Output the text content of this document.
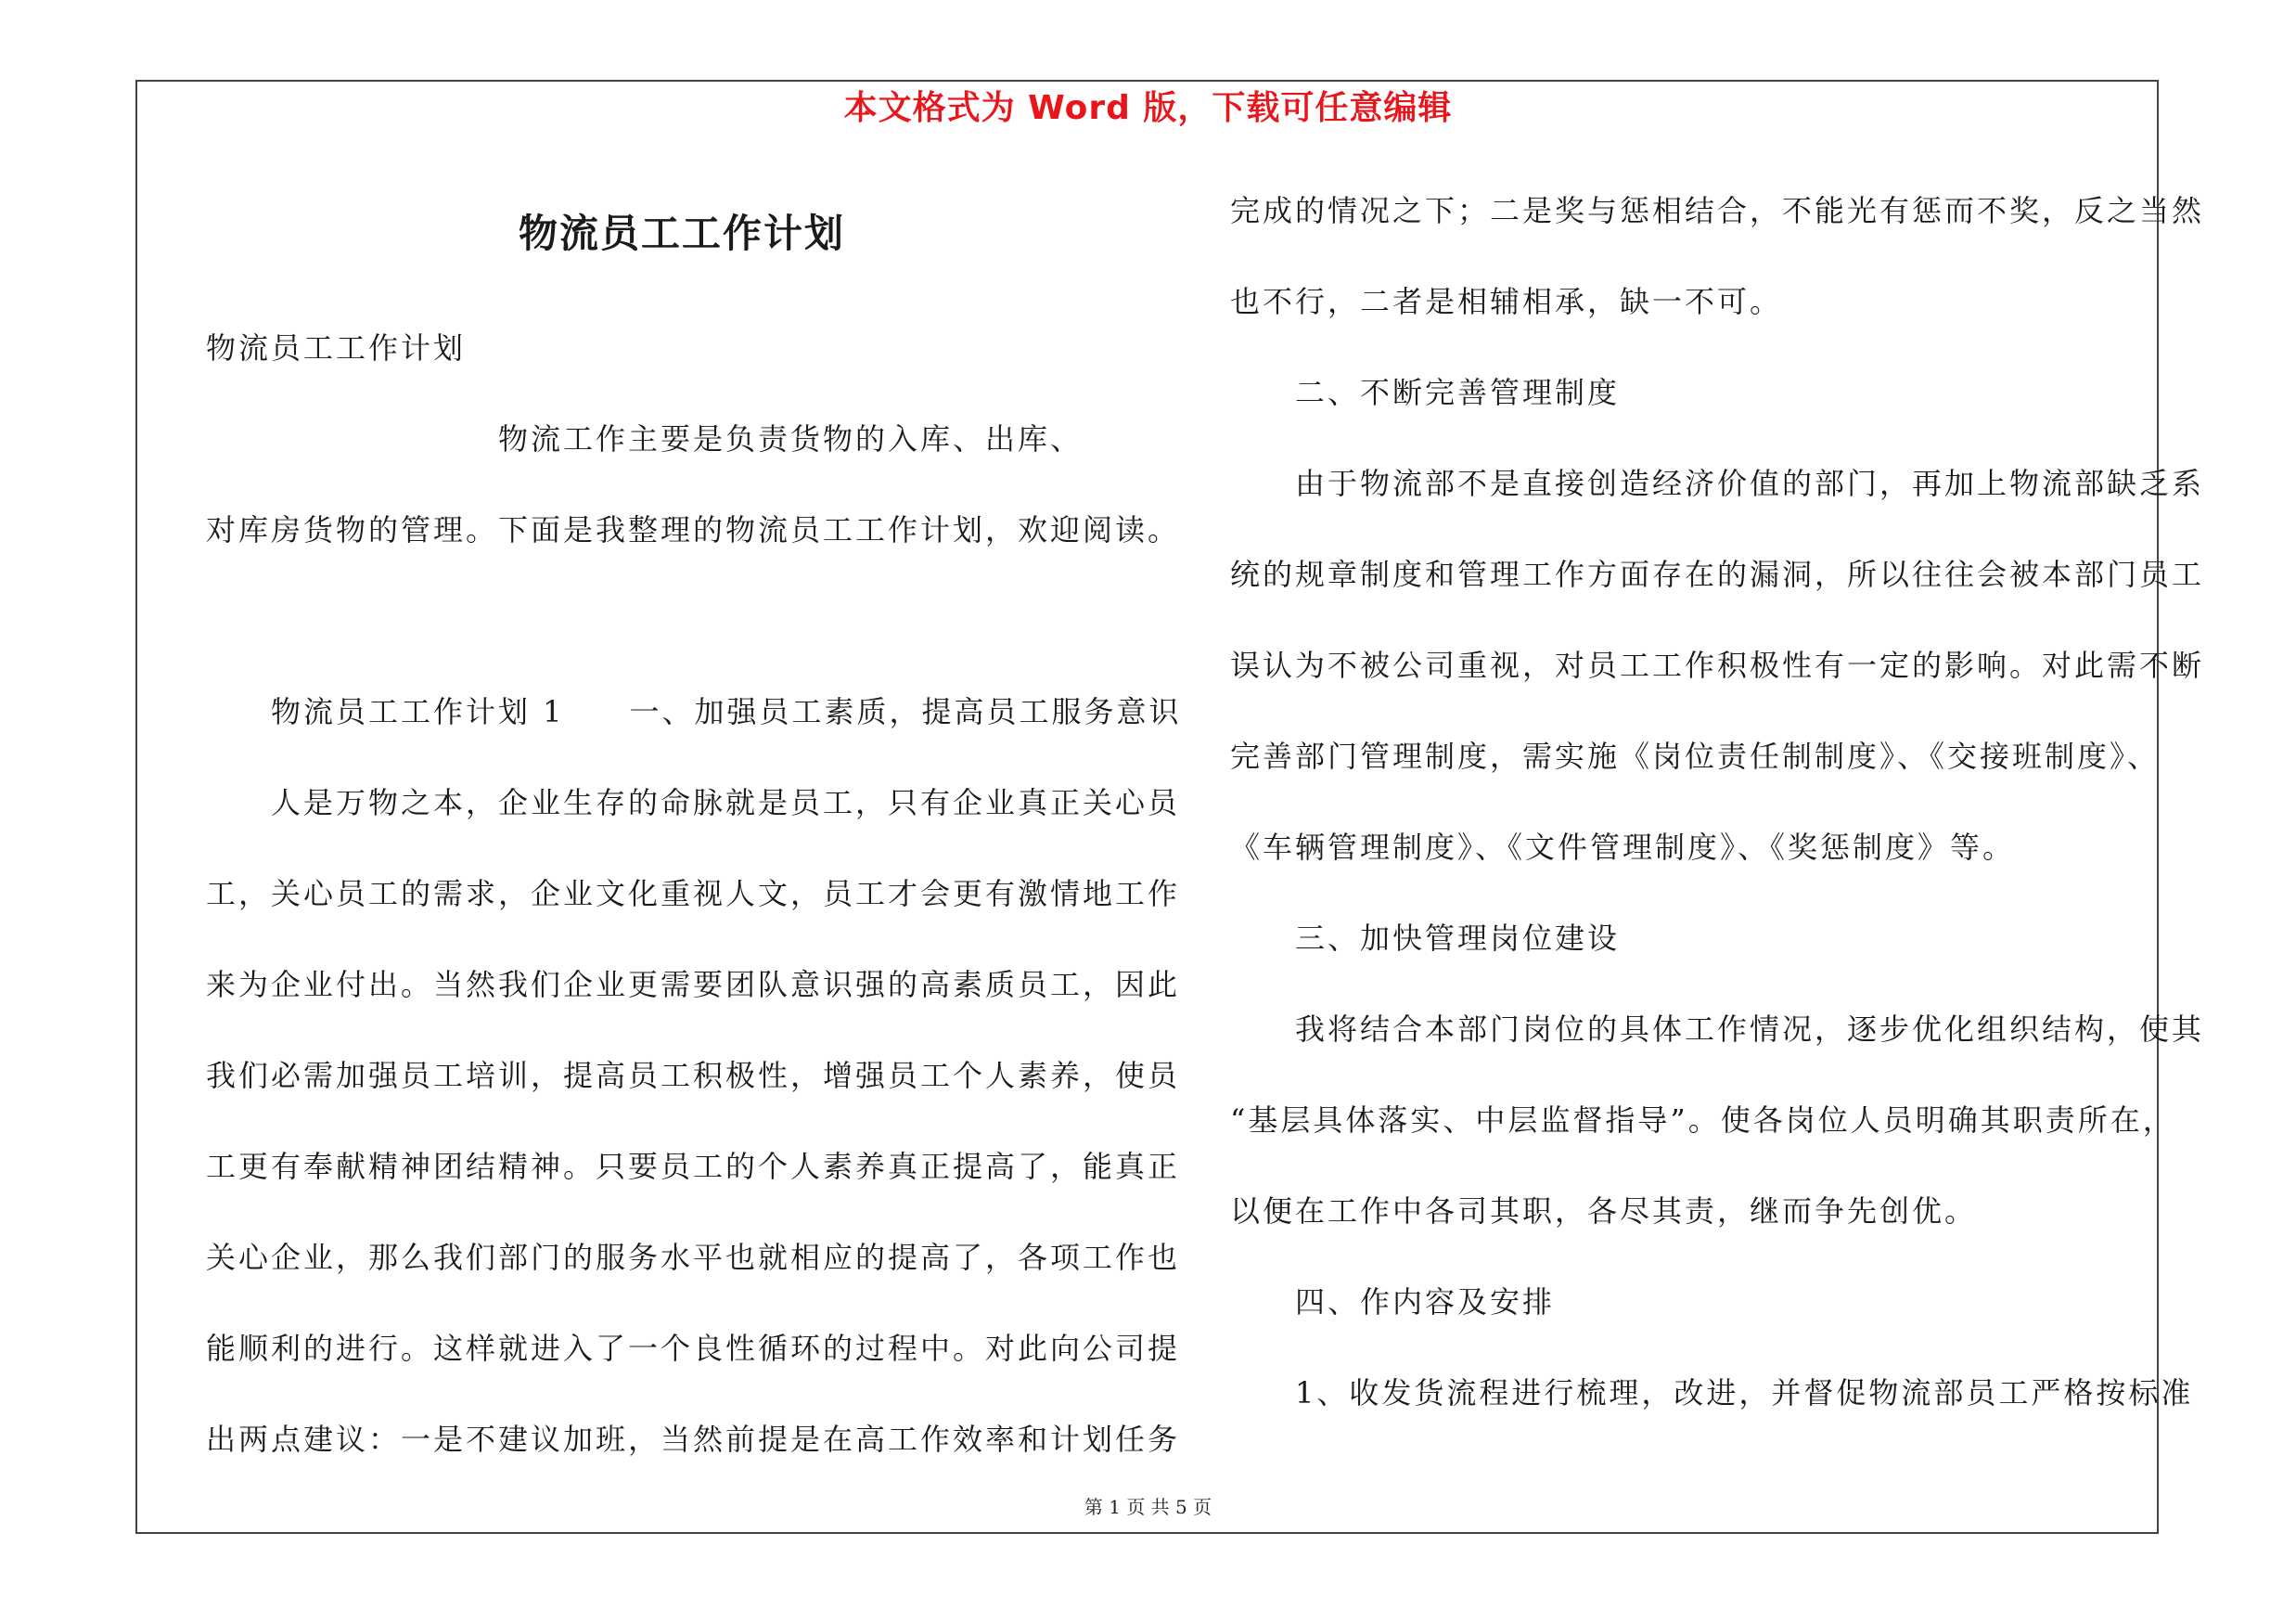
本文格式为 Word 版，下载可任意编辑
物流员工工作计划

物流员工工作计划

　　　　　　　　　物流工作主要是负责货物的入库、出库、

对库房货物的管理。下面是我整理的物流员工工作计划，欢迎阅读。

　　物流员工工作计划 1　　一、加强员工素质，提高员工服务意识

　　人是万物之本，企业生存的命脉就是员工，只有企业真正关心员

工，关心员工的需求，企业文化重视人文，员工才会更有激情地工作

来为企业付出。当然我们企业更需要团队意识强的高素质员工，因此

我们必需加强员工培训，提高员工积极性，增强员工个人素养，使员

工更有奉献精神团结精神。只要员工的个人素养真正提高了，能真正

关心企业，那么我们部门的服务水平也就相应的提高了，各项工作也

能顺利的进行。这样就进入了一个良性循环的过程中。对此向公司提

出两点建议：一是不建议加班，当然前提是在高工作效率和计划任务

完成的情况之下；二是奖与惩相结合，不能光有惩而不奖，反之当然

也不行，二者是相辅相承，缺一不可。

　　二、不断完善管理制度

　　由于物流部不是直接创造经济价值的部门，再加上物流部缺乏系

统的规章制度和管理工作方面存在的漏洞，所以往往会被本部门员工

误认为不被公司重视，对员工工作积极性有一定的影响。对此需不断

完善部门管理制度，需实施《岗位责任制制度》、《交接班制度》、

《车辆管理制度》、《文件管理制度》、《奖惩制度》等。

　　三、加快管理岗位建设

　　我将结合本部门岗位的具体工作情况，逐步优化组织结构，使其

“基层具体落实、中层监督指导”。使各岗位人员明确其职责所在，

以便在工作中各司其职，各尽其责，继而争先创优。

　　四、作内容及安排

　　1、收发货流程进行梳理，改进，并督促物流部员工严格按标准

第 1 页 共 5 页
